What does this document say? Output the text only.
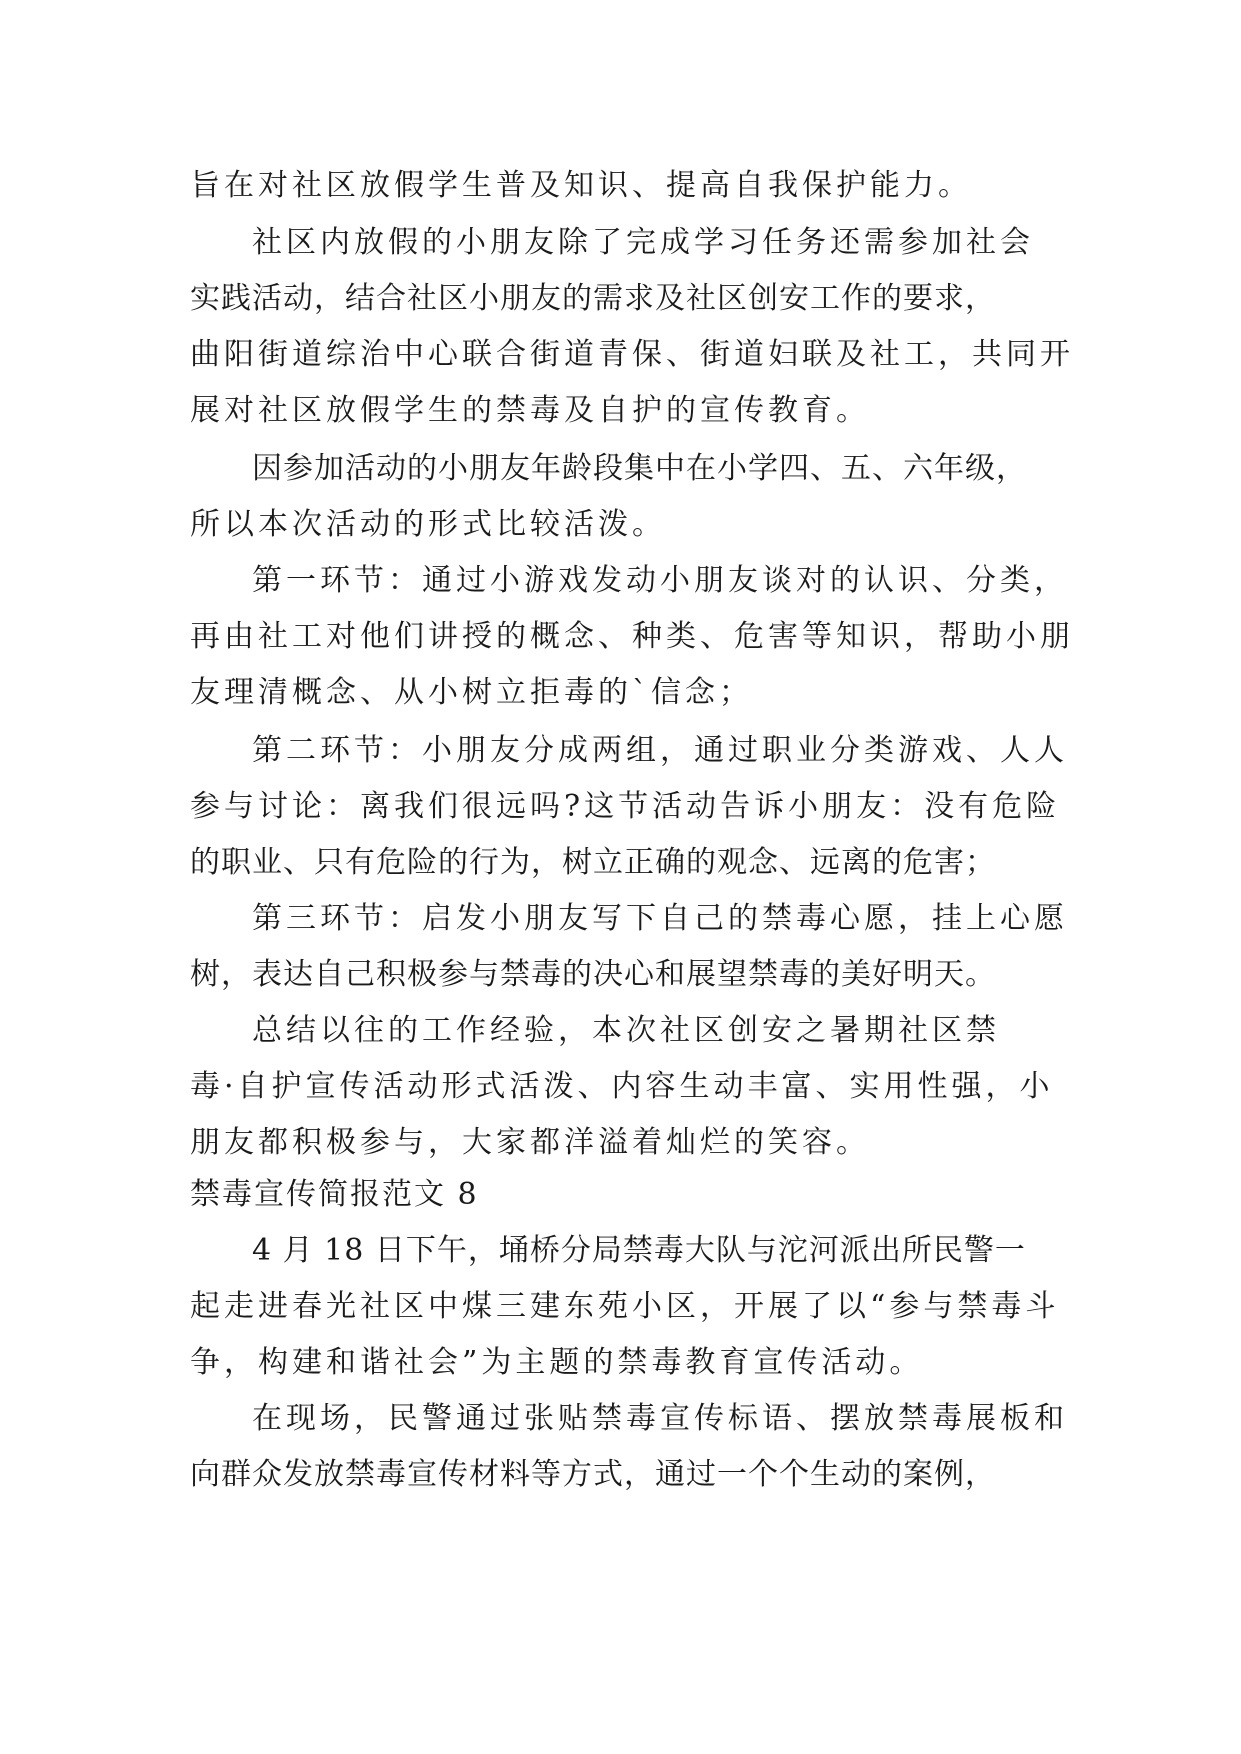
旨在对社区放假学生普及知识、提高自我保护能力。
社区内放假的小朋友除了完成学习任务还需参加社会
实践活动，结合社区小朋友的需求及社区创安工作的要求，
曲阳街道综治中心联合街道青保、街道妇联及社工，共同开
展对社区放假学生的禁毒及自护的宣传教育。
因参加活动的小朋友年龄段集中在小学四、五、六年级，
所以本次活动的形式比较活泼。
第一环节：通过小游戏发动小朋友谈对的认识、分类，
再由社工对他们讲授的概念、种类、危害等知识，帮助小朋
友理清概念、从小树立拒毒的`信念；
第二环节：小朋友分成两组，通过职业分类游戏、人人
参与讨论：离我们很远吗?这节活动告诉小朋友：没有危险
的职业、只有危险的行为，树立正确的观念、远离的危害；
第三环节：启发小朋友写下自己的禁毒心愿，挂上心愿
树，表达自己积极参与禁毒的决心和展望禁毒的美好明天。
总结以往的工作经验，本次社区创安之暑期社区禁
毒·自护宣传活动形式活泼、内容生动丰富、实用性强，小
朋友都积极参与，大家都洋溢着灿烂的笑容。
禁毒宣传简报范文 8
4 月 18 日下午，埇桥分局禁毒大队与沱河派出所民警一
起走进春光社区中煤三建东苑小区，开展了以“参与禁毒斗
争，构建和谐社会”为主题的禁毒教育宣传活动。
在现场，民警通过张贴禁毒宣传标语、摆放禁毒展板和
向群众发放禁毒宣传材料等方式，通过一个个生动的案例，
